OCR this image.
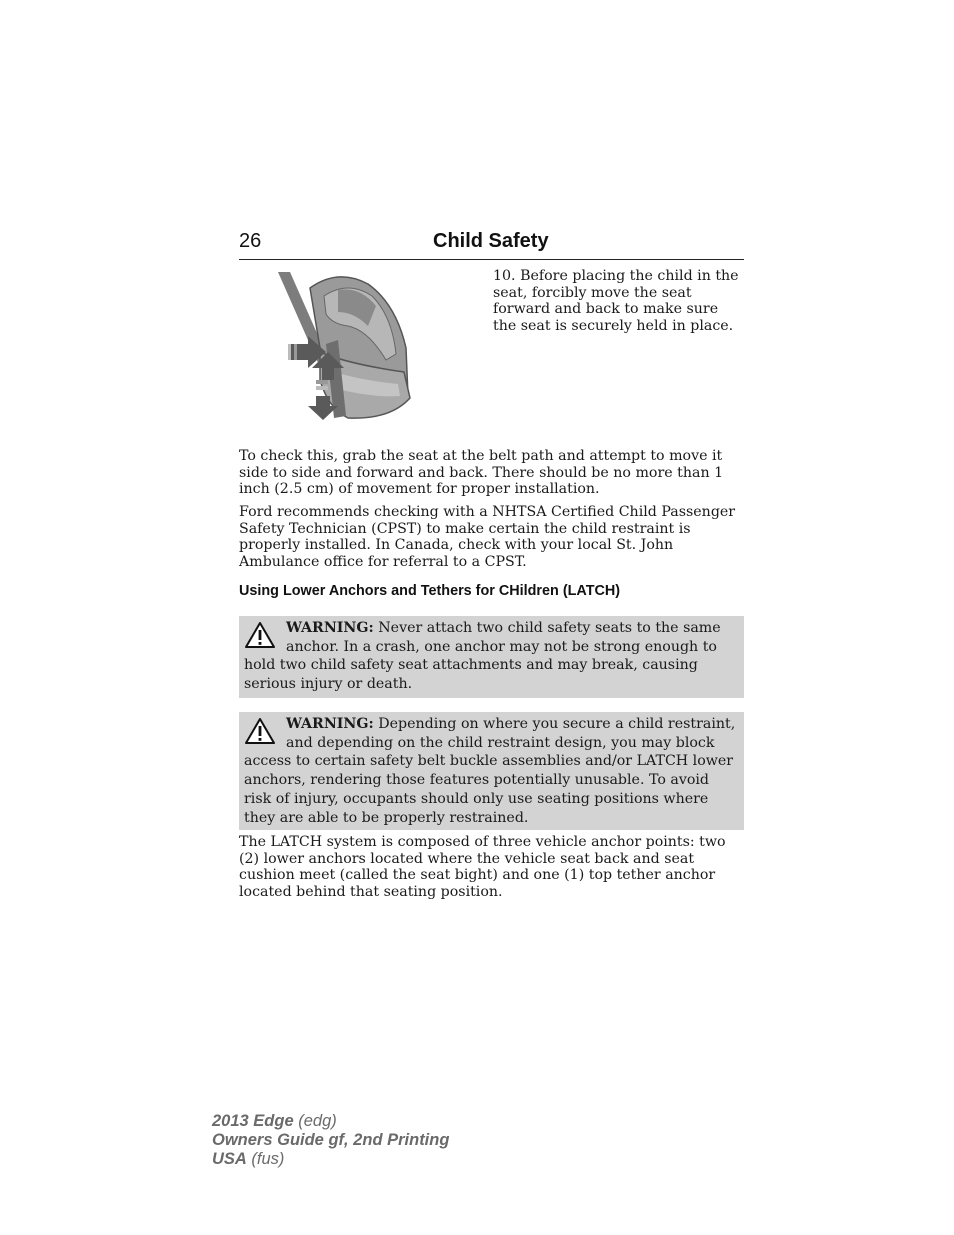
26	Child Safety
10. Before placing the child in the seat, forcibly move the seat forward and back to make sure the seat is securely held in place.

To check this, grab the seat at the belt path and attempt to move it side to side and forward and back. There should be no more than 1 inch (2.5 cm) of movement for proper installation.

Ford recommends checking with a NHTSA Certified Child Passenger Safety Technician (CPST) to make certain the child restraint is properly installed. In Canada, check with your local St. John Ambulance office for referral to a CPST.

Using Lower Anchors and Tethers for CHildren (LATCH)
WARNING: Never attach two child safety seats to the same anchor. In a crash, one anchor may not be strong enough to hold two child safety seat attachments and may break, causing serious injury or death.
WARNING: Depending on where you secure a child restraint, and depending on the child restraint design, you may block access to certain safety belt buckle assemblies and/or LATCH lower anchors, rendering those features potentially unusable. To avoid risk of injury, occupants should only use seating positions where they are able to be properly restrained.

The LATCH system is composed of three vehicle anchor points: two (2) lower anchors located where the vehicle seat back and seat cushion meet (called the seat bight) and one (1) top tether anchor located behind that seating position.

2013 Edge (edg)
Owners Guide gf, 2nd Printing
USA (fus)
